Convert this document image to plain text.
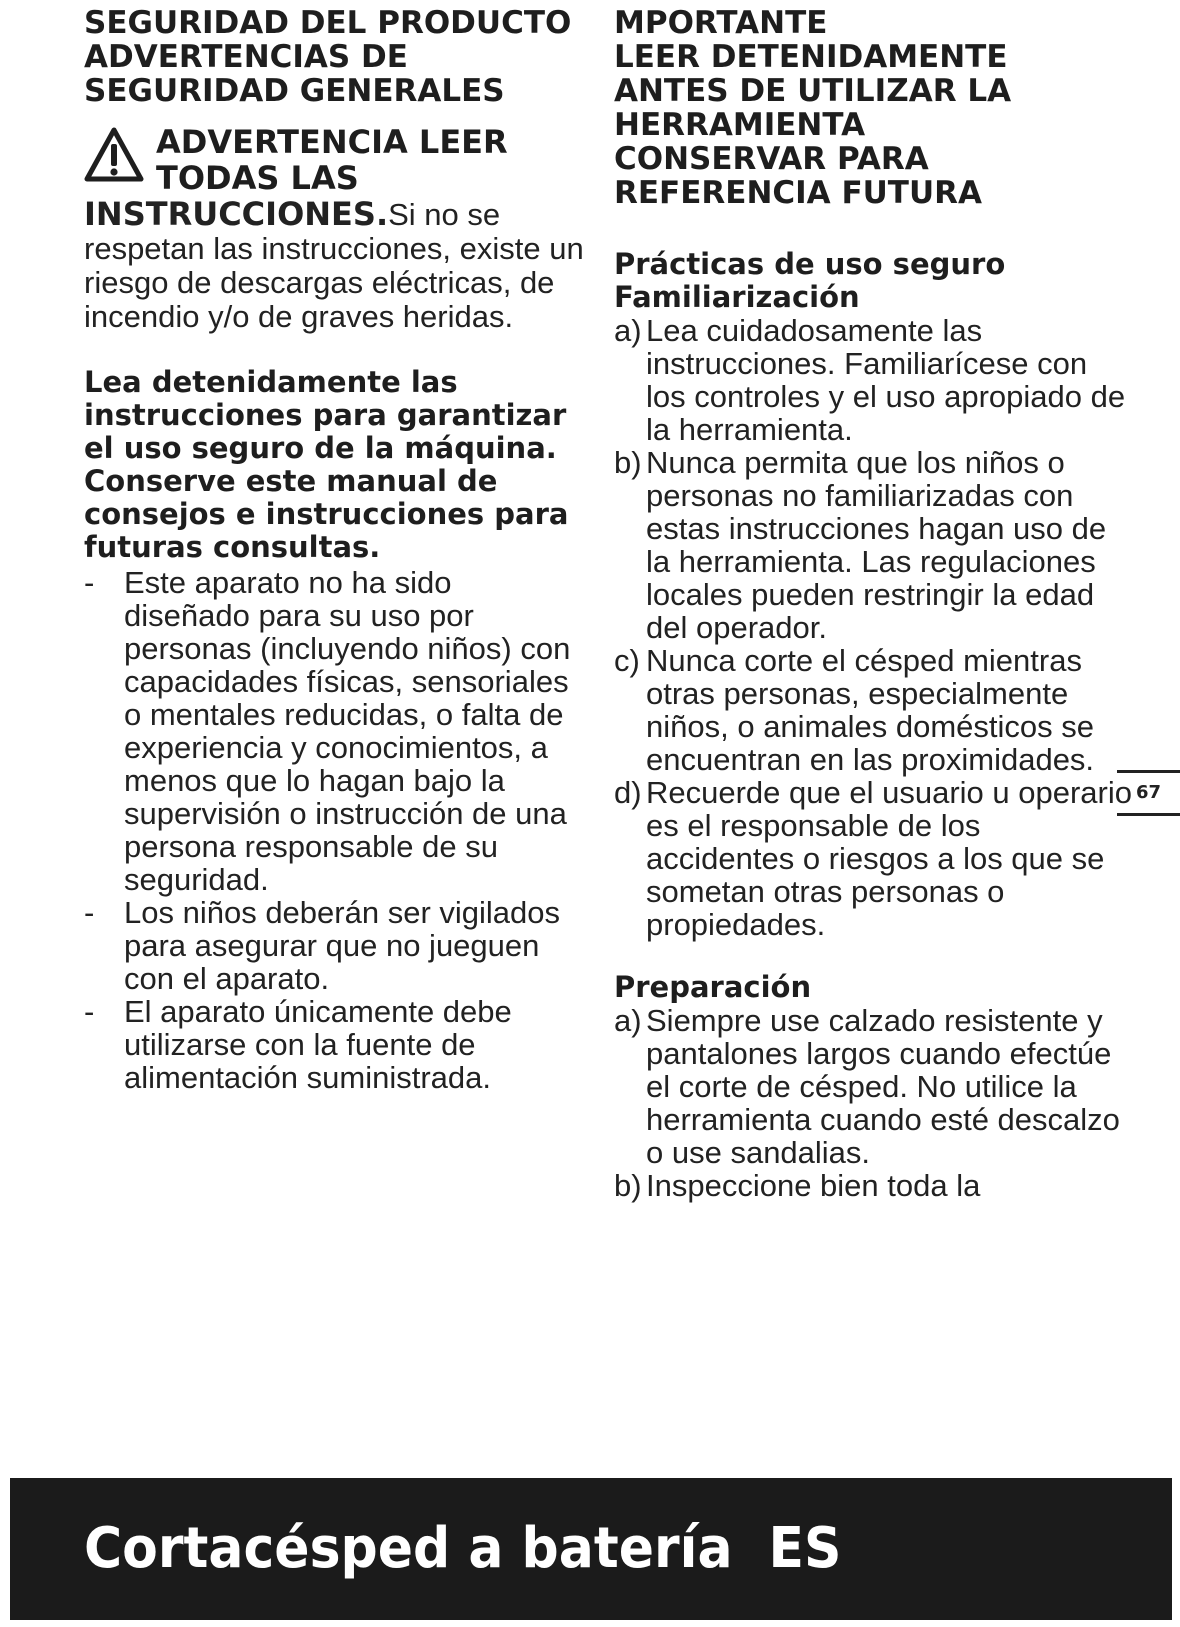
SEGURIDAD DEL PRODUCTO
ADVERTENCIAS DE
SEGURIDAD GENERALES
ADVERTENCIA LEER
TODAS LAS

INSTRUCCIONES.Si no se respetan las instrucciones, existe un riesgo de descargas eléctricas, de incendio y/o de graves heridas.

Lea detenidamente las instrucciones para garantizar el uso seguro de la máquina. Conserve este manual de consejos e instrucciones para futuras consultas.

- Este aparato no ha sido diseñado para su uso por personas (incluyendo niños) con capacidades físicas, sensoriales o mentales reducidas, o falta de experiencia y conocimientos, a menos que lo hagan bajo la supervisión o instrucción de una persona responsable de su seguridad.
- Los niños deberán ser vigilados para asegurar que no jueguen con el aparato.
- El aparato únicamente debe utilizarse con la fuente de alimentación suministrada.
MPORTANTE
LEER DETENIDAMENTE
ANTES DE UTILIZAR LA
HERRAMIENTA
CONSERVAR PARA
REFERENCIA FUTURA
Prácticas de uso seguro
Familiarización
a) Lea cuidadosamente las instrucciones. Familiarícese con los controles y el uso apropiado de la herramienta.
b) Nunca permita que los niños o personas no familiarizadas con estas instrucciones hagan uso de la herramienta. Las regulaciones locales pueden restringir la edad del operador.
c) Nunca corte el césped mientras otras personas, especialmente niños, o animales domésticos se encuentran en las proximidades.
d) Recuerde que el usuario u operario es el responsable de los accidentes o riesgos a los que se sometan otras personas o propiedades.
Preparación
a) Siempre use calzado resistente y pantalones largos cuando efectúe el corte de césped. No utilice la herramienta cuando esté descalzo o use sandalias.
b) Inspeccione bien toda la
67
Cortacésped a batería ES
